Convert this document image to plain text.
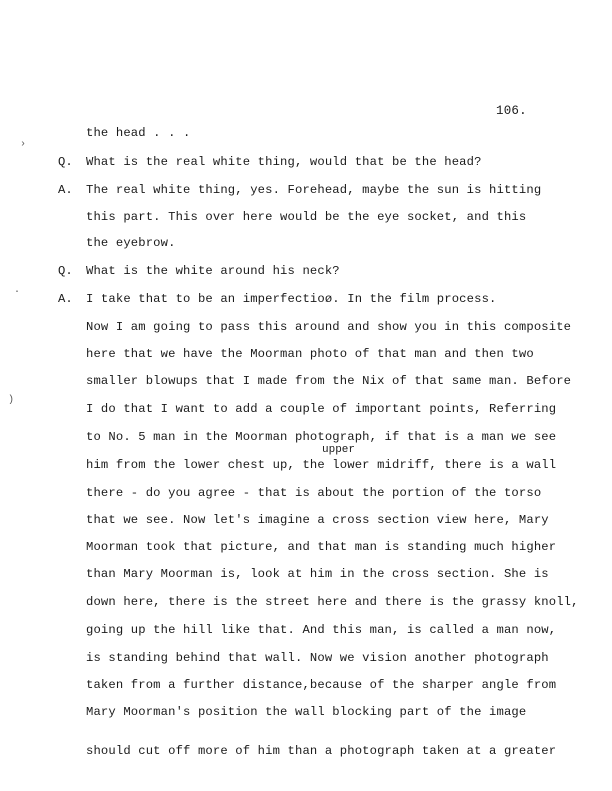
106.
›
·
)
the head . . .
Q. What is the real white thing, would that be the head?
A. The real white thing, yes. Forehead, maybe the sun is hitting
this part. This over here would be the eye socket, and this
the eyebrow.
Q. What is the white around his neck?
A. I take that to be an imperfectioø. In the film process.
Now I am going to pass this around and show you in this composite
here that we have the Moorman photo of that man and then two
smaller blowups that I made from the Nix of that same man. Before
I do that I want to add a couple of important points, Referring
to No. 5 man in the Moorman photograph, if that is a man we see
upper
him from the lower chest up, the lower midriff, there is a wall
there - do you agree - that is about the portion of the torso
that we see. Now let's imagine a cross section view here, Mary
Moorman took that picture, and that man is standing much higher
than Mary Moorman is, look at him in the cross section. She is
down here, there is the street here and there is the grassy knoll,
going up the hill like that. And this man, is called a man now,
is standing behind that wall. Now we vision another photograph
taken from a further distance,because of the sharper angle from
Mary Moorman's position the wall blocking part of the image
should cut off more of him than a photograph taken at a greater
